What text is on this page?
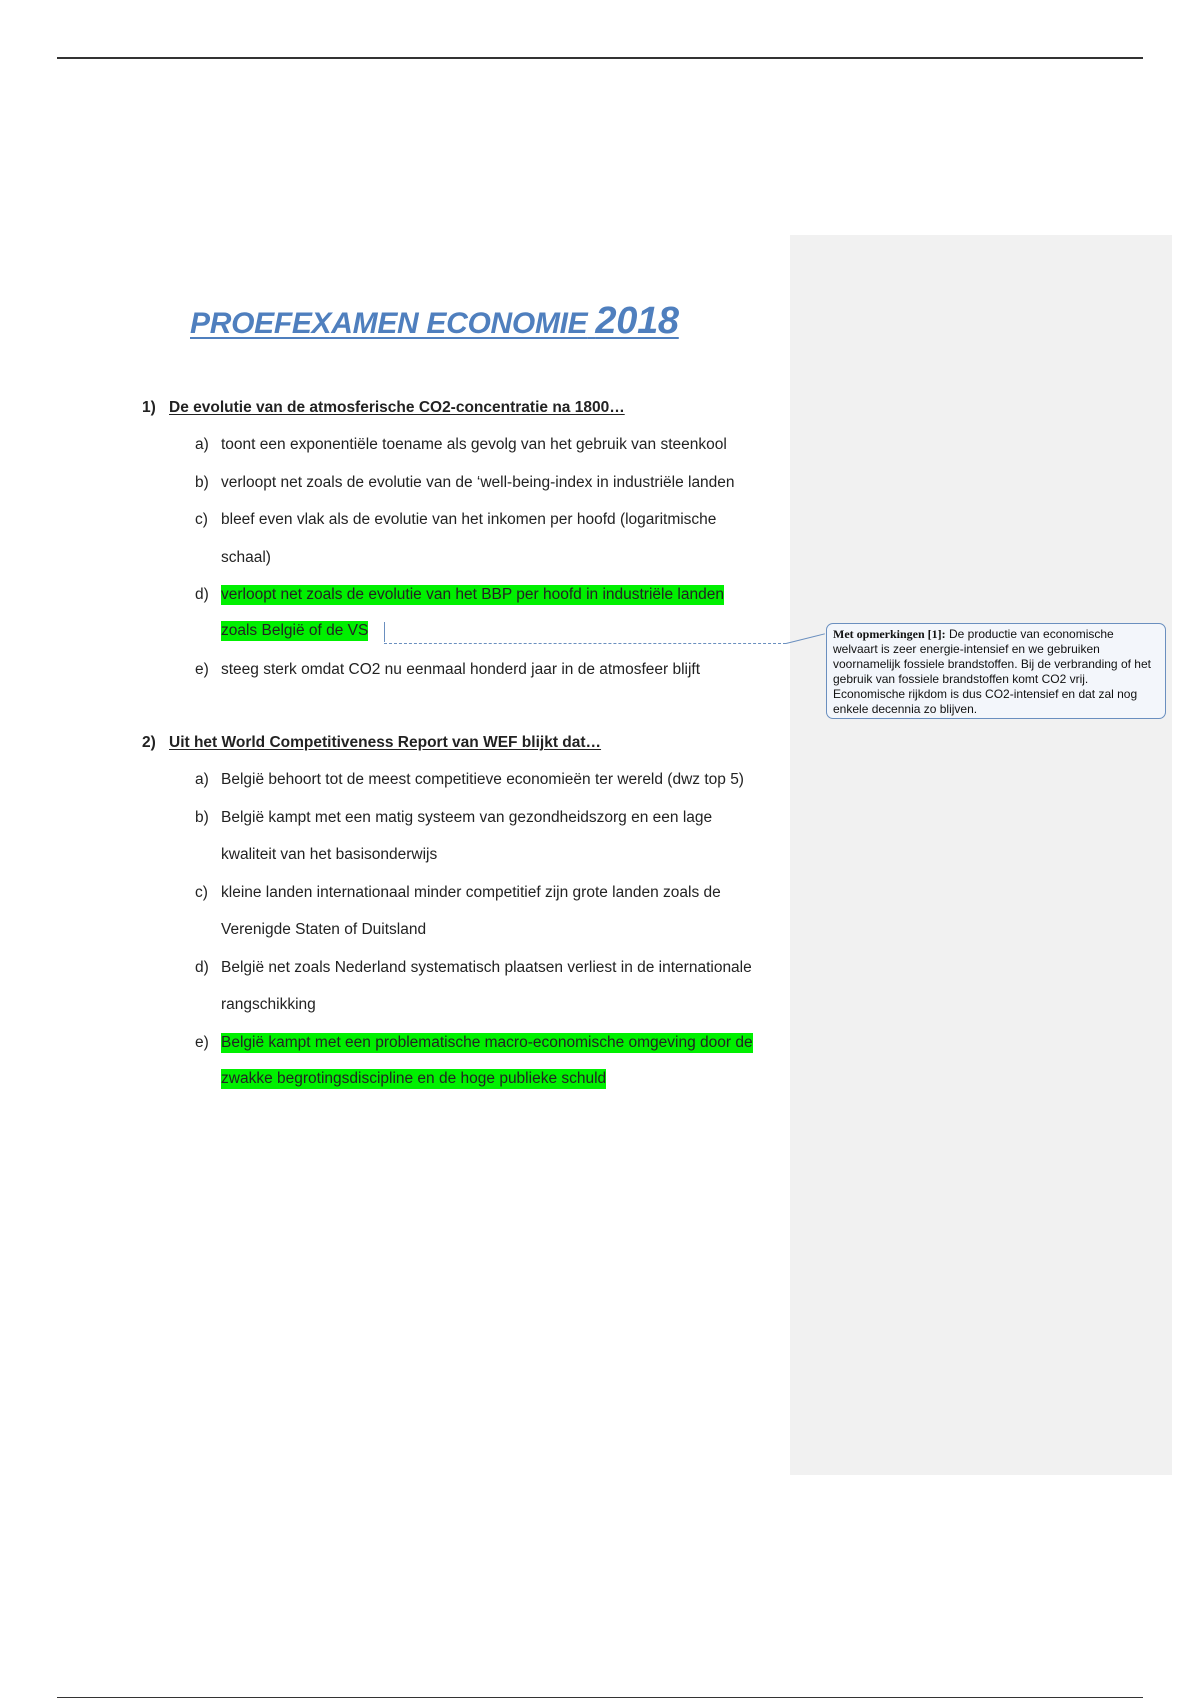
PROEFEXAMEN ECONOMIE 2018
1) De evolutie van de atmosferische CO2-concentratie na 1800…
a) toont een exponentiële toename als gevolg van het gebruik van steenkool
b) verloopt net zoals de evolutie van de ‘well-being-index in industriële landen
c) bleef even vlak als de evolutie van het inkomen per hoofd (logaritmische
schaal)
d) verloopt net zoals de evolutie van het BBP per hoofd in industriële landen
zoals België of de VS
e) steeg sterk omdat CO2 nu eenmaal honderd jaar in de atmosfeer blijft
2) Uit het World Competitiveness Report van WEF blijkt dat…
a) België behoort tot de meest competitieve economieën ter wereld (dwz top 5)
b) België kampt met een matig systeem van gezondheidszorg en een lage
kwaliteit van het basisonderwijs
c) kleine landen internationaal minder competitief zijn grote landen zoals de
Verenigde Staten of Duitsland
d) België net zoals Nederland systematisch plaatsen verliest in de internationale
rangschikking
e) België kampt met een problematische macro-economische omgeving door de
zwakke begrotingsdiscipline en de hoge publieke schuld
Met opmerkingen [1]: De productie van economische welvaart is zeer energie-intensief en we gebruiken voornamelijk fossiele brandstoffen. Bij de verbranding of het gebruik van fossiele brandstoffen komt CO2 vrij. Economische rijkdom is dus CO2-intensief en dat zal nog enkele decennia zo blijven.
